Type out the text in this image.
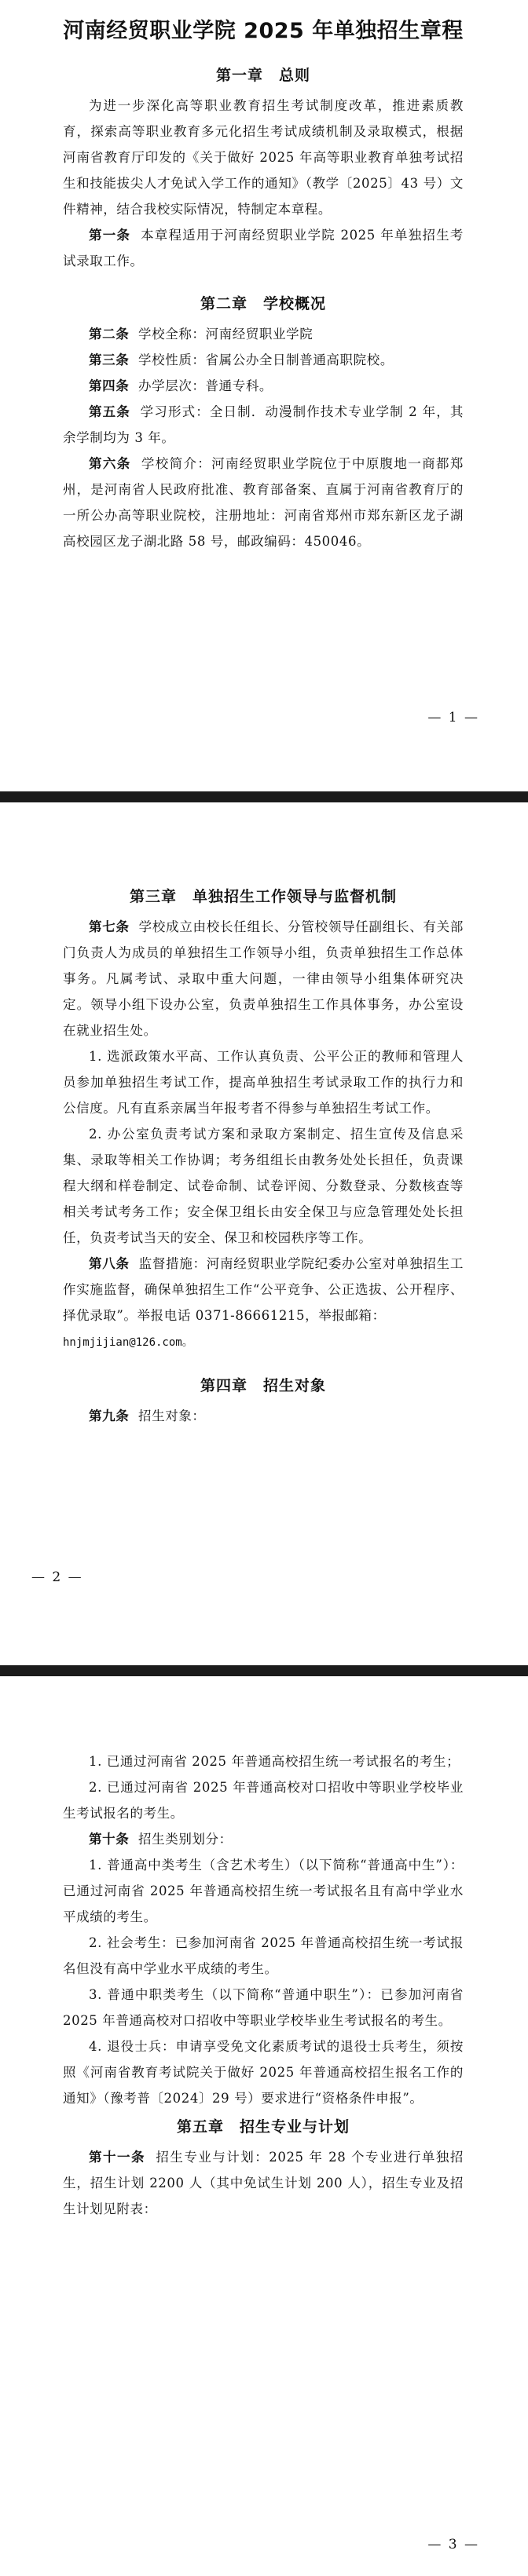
河南经贸职业学院 2025 年单独招生章程
第一章　总则

为进一步深化高等职业教育招生考试制度改革，推进素质教育，探索高等职业教育多元化招生考试成绩机制及录取模式，根据河南省教育厅印发的《关于做好 2025 年高等职业教育单独考试招生和技能拔尖人才免试入学工作的通知》（教学〔2025〕43 号）文件精神，结合我校实际情况，特制定本章程。

第一条 本章程适用于河南经贸职业学院 2025 年单独招生考试录取工作。

第二章　学校概况

第二条 学校全称：河南经贸职业学院

第三条 学校性质：省属公办全日制普通高职院校。

第四条 办学层次：普通专科。

第五条 学习形式：全日制．动漫制作技术专业学制 2 年，其余学制均为 3 年。

第六条 学校简介：河南经贸职业学院位于中原腹地一商都郑州，是河南省人民政府批准、教育部备案、直属于河南省教育厅的一所公办高等职业院校，注册地址：河南省郑州市郑东新区龙子湖高校园区龙子湖北路 58 号，邮政编码：450046。

— 1 —
第三章　单独招生工作领导与监督机制

第七条 学校成立由校长任组长、分管校领导任副组长、有关部门负责人为成员的单独招生工作领导小组，负责单独招生工作总体事务。凡属考试、录取中重大问题，一律由领导小组集体研究决定。领导小组下设办公室，负责单独招生工作具体事务，办公室设在就业招生处。

1. 选派政策水平高、工作认真负责、公平公正的教师和管理人员参加单独招生考试工作，提高单独招生考试录取工作的执行力和公信度。凡有直系亲属当年报考者不得参与单独招生考试工作。

2. 办公室负责考试方案和录取方案制定、招生宣传及信息采集、录取等相关工作协调；考务组组长由教务处处长担任，负责课程大纲和样卷制定、试卷命制、试卷评阅、分数登录、分数核查等相关考试考务工作；安全保卫组长由安全保卫与应急管理处处长担任，负责考试当天的安全、保卫和校园秩序等工作。

第八条 监督措施：河南经贸职业学院纪委办公室对单独招生工作实施监督，确保单独招生工作“公平竞争、公正选拔、公开程序、择优录取”。举报电话 0371-86661215，举报邮箱：

hnjmjijian@126.com。

第四章　招生对象

第九条 招生对象：

— 2 —

1. 已通过河南省 2025 年普通高校招生统一考试报名的考生；

2. 已通过河南省 2025 年普通高校对口招收中等职业学校毕业生考试报名的考生。

第十条 招生类别划分：

1. 普通高中类考生（含艺术考生）（以下简称“普通高中生”）：已通过河南省 2025 年普通高校招生统一考试报名且有高中学业水平成绩的考生。

2. 社会考生：已参加河南省 2025 年普通高校招生统一考试报名但没有高中学业水平成绩的考生。

3. 普通中职类考生（以下简称“普通中职生”）：已参加河南省 2025 年普通高校对口招收中等职业学校毕业生考试报名的考生。

4. 退役士兵：申请享受免文化素质考试的退役士兵考生，须按照《河南省教育考试院关于做好 2025 年普通高校招生报名工作的通知》（豫考普〔2024〕29 号）要求进行“资格条件申报”。

第五章　招生专业与计划

第十一条 招生专业与计划：2025 年 28 个专业进行单独招生，招生计划 2200 人（其中免试生计划 200 人），招生专业及招生计划见附表：

— 3 —
